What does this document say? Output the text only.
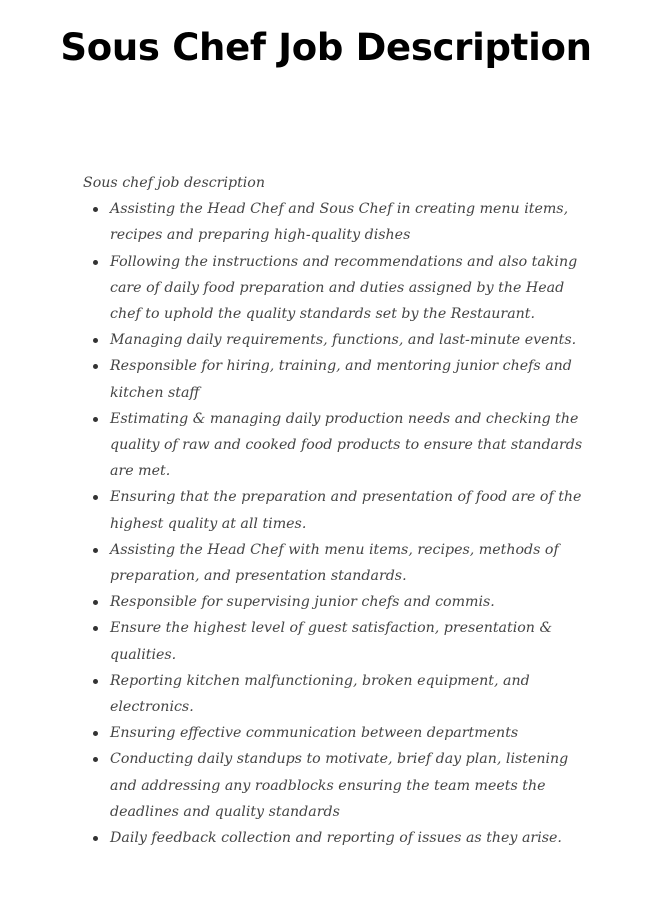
Sous Chef Job Description

Sous chef job description

Assisting the Head Chef and Sous Chef in creating menu items, recipes and preparing high-quality dishes
Following the instructions and recommendations and also taking care of daily food preparation and duties assigned by the Head chef to uphold the quality standards set by the Restaurant.
Managing daily requirements, functions, and last-minute events.
Responsible for hiring, training, and mentoring junior chefs and kitchen staff
Estimating & managing daily production needs and checking the quality of raw and cooked food products to ensure that standards are met.
Ensuring that the preparation and presentation of food are of the highest quality at all times.
Assisting the Head Chef with menu items, recipes, methods of preparation, and presentation standards.
Responsible for supervising junior chefs and commis.
Ensure the highest level of guest satisfaction, presentation & qualities.
Reporting kitchen malfunctioning, broken equipment, and electronics.
Ensuring effective communication between departments
Conducting daily standups to motivate, brief day plan, listening and addressing any roadblocks ensuring the team meets the deadlines and quality standards
Daily feedback collection and reporting of issues as they arise.
